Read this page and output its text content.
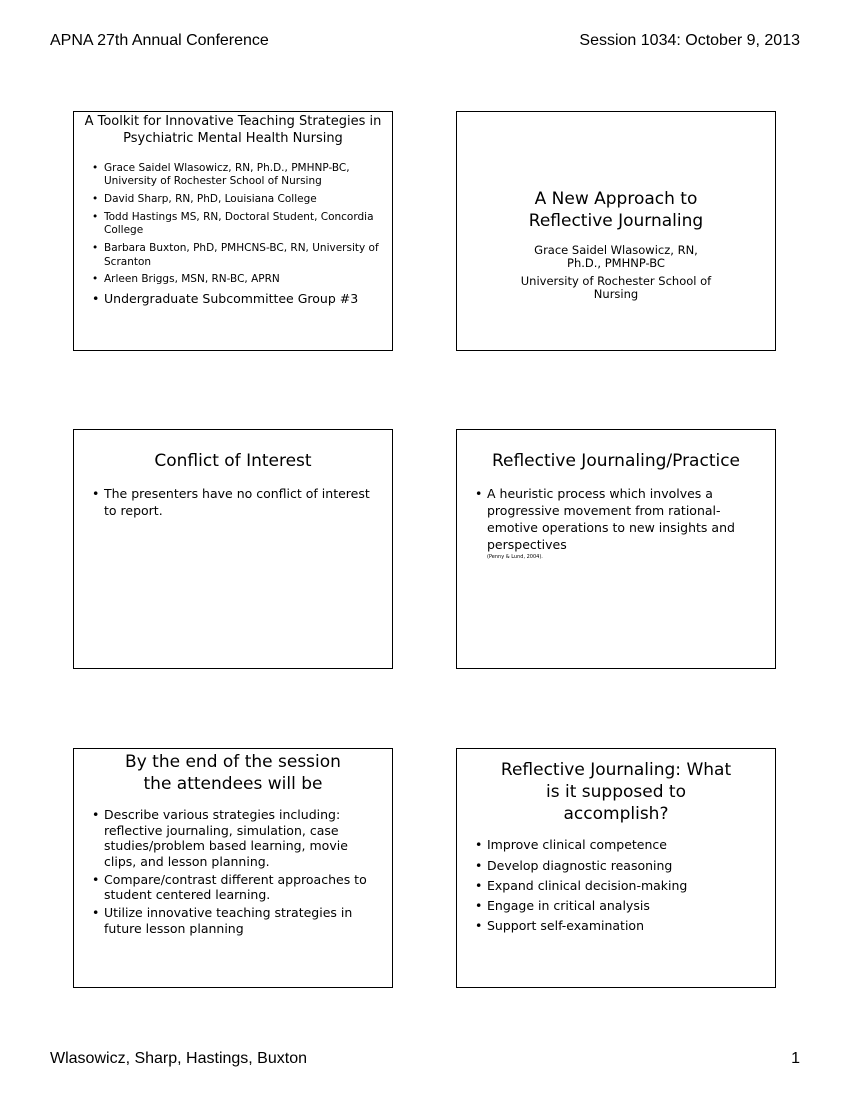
APNA 27th Annual Conference	Session 1034: October 9, 2013
A Toolkit for Innovative Teaching Strategies in Psychiatric Mental Health Nursing
• Grace Saidel Wlasowicz, RN, Ph.D., PMHNP-BC, University of Rochester School of Nursing
• David Sharp, RN, PhD, Louisiana College
• Todd Hastings MS, RN, Doctoral Student, Concordia College
• Barbara Buxton, PhD, PMHCNS-BC, RN, University of Scranton
• Arleen Briggs, MSN, RN-BC, APRN
• Undergraduate Subcommittee Group #3
A New Approach to Reflective Journaling
Grace Saidel Wlasowicz, RN, Ph.D., PMHNP-BC
University of Rochester School of Nursing
Conflict of Interest
• The presenters have no conflict of interest to report.
Reflective Journaling/Practice
• A heuristic process which involves a progressive movement from rational-emotive operations to new insights and perspectives
(Penny & Lund, 2004).
By the end of the session the attendees will be
• Describe various strategies including: reflective journaling, simulation, case studies/problem based learning, movie clips, and lesson planning.
• Compare/contrast different approaches to student centered learning.
• Utilize innovative teaching strategies in future lesson planning
Reflective Journaling: What is it supposed to accomplish?
• Improve clinical competence
• Develop diagnostic reasoning
• Expand clinical decision-making
• Engage in critical analysis
• Support self-examination
Wlasowicz, Sharp, Hastings, Buxton	1
